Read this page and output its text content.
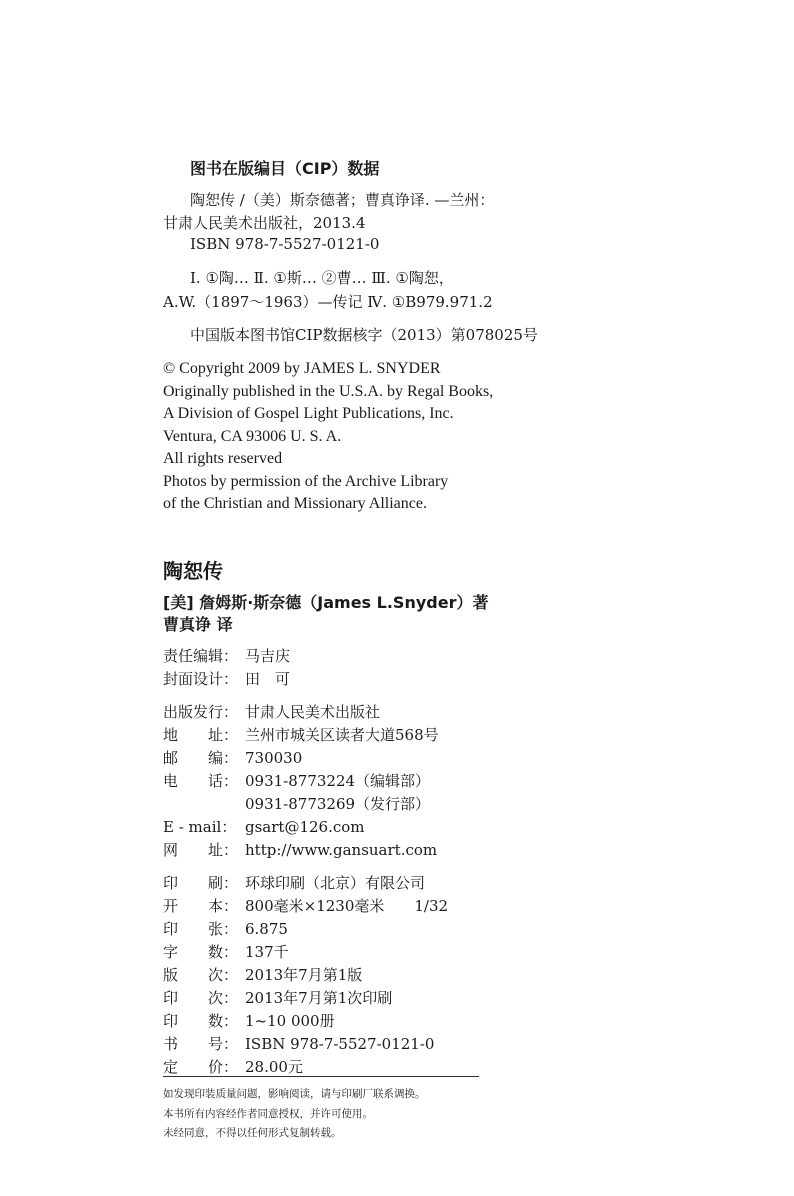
图书在版编目（CIP）数据
陶恕传 /（美）斯奈德著；曹真诤译. —兰州：
甘肃人民美术出版社，2013.4
ISBN 978-7-5527-0121-0
Ⅰ. ①陶… Ⅱ. ①斯… ②曹… Ⅲ. ①陶恕，
A.W.（1897～1963）—传记 Ⅳ. ①B979.971.2
中国版本图书馆CIP数据核字（2013）第078025号
© Copyright 2009 by JAMES L. SNYDER
Originally published in the U.S.A. by Regal Books,
A Division of Gospel Light Publications, Inc.
Ventura, CA 93006 U. S. A.
All rights reserved
Photos by permission of the Archive Library
of the Christian and Missionary Alliance.
陶恕传
[美] 詹姆斯·斯奈德（James L.Snyder）著
曹真诤 译
责任编辑： 马吉庆
封面设计： 田　可
出版发行： 甘肃人民美术出版社
地　　址： 兰州市城关区读者大道568号
邮　　编： 730030
电　　话： 0931-8773224（编辑部）
0931-8773269（发行部）
E - mail： gsart@126.com
网　　址： http://www.gansuart.com
印　　刷： 环球印刷（北京）有限公司
开　　本： 800毫米×1230毫米　　1/32
印　　张： 6.875
字　　数： 137千
版　　次： 2013年7月第1版
印　　次： 2013年7月第1次印刷
印　　数： 1~10 000册
书　　号： ISBN 978-7-5527-0121-0
定　　价： 28.00元
如发现印装质量问题，影响阅读，请与印刷厂联系调换。
本书所有内容经作者同意授权，并许可使用。
未经同意，不得以任何形式复制转载。
